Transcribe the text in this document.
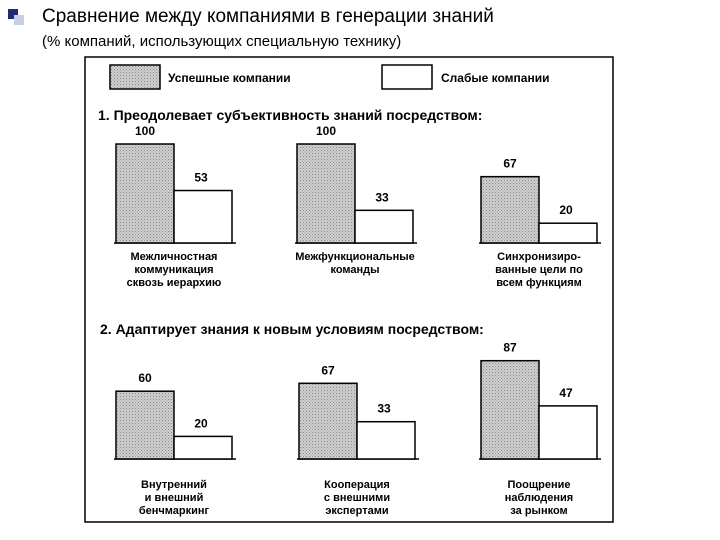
Сравнение между компаниями в генерации знаний
(% компаний, использующих специальную технику)
Успешные компании	Слабые компании
1. Преодолевает субъективность знаний посредством:
2. Адаптирует знания к новым условиям посредством:
100
53
Межличностная
коммуникация
сквозь иерархию
100
33
Межфункциональные
команды
67
20
Синхронизиро-
ванные цели по
всем функциям
60
20
Внутренний
и внешний
бенчмаркинг
67
33
Кооперация
с внешними
экспертами
87
47
Поощрение
наблюдения
за рынком
